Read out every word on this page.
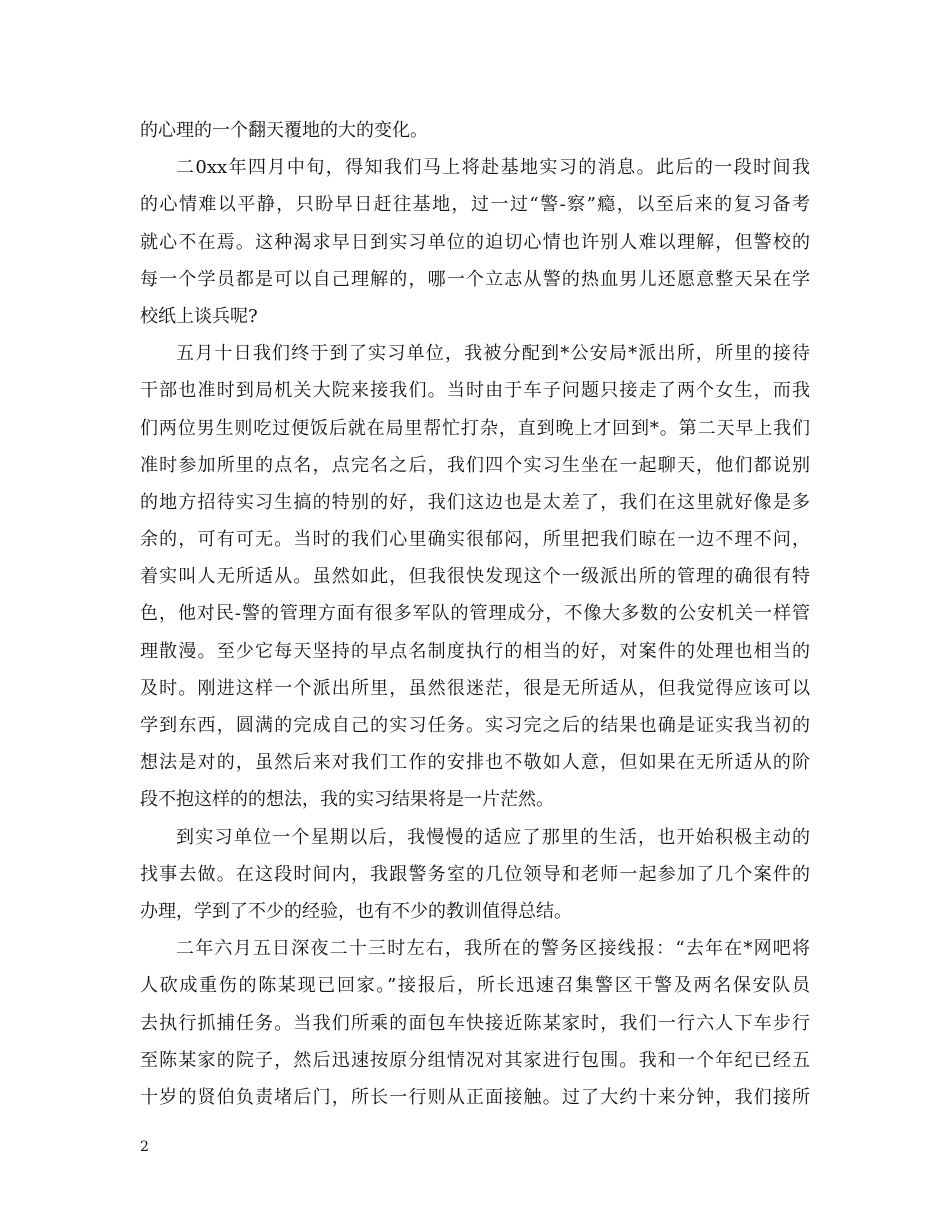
的心理的一个翻天覆地的大的变化。
二0xx年四月中旬，得知我们马上将赴基地实习的消息。此后的一段时间我
的心情难以平静，只盼早日赶往基地，过一过“警-察”瘾，以至后来的复习备考
就心不在焉。这种渴求早日到实习单位的迫切心情也许别人难以理解，但警校的
每一个学员都是可以自己理解的，哪一个立志从警的热血男儿还愿意整天呆在学
校纸上谈兵呢?
五月十日我们终于到了实习单位，我被分配到*公安局*派出所，所里的接待
干部也准时到局机关大院来接我们。当时由于车子问题只接走了两个女生，而我
们两位男生则吃过便饭后就在局里帮忙打杂，直到晚上才回到*。第二天早上我们
准时参加所里的点名，点完名之后，我们四个实习生坐在一起聊天，他们都说别
的地方招待实习生搞的特别的好，我们这边也是太差了，我们在这里就好像是多
余的，可有可无。当时的我们心里确实很郁闷，所里把我们晾在一边不理不问，
着实叫人无所适从。虽然如此，但我很快发现这个一级派出所的管理的确很有特
色，他对民-警的管理方面有很多军队的管理成分，不像大多数的公安机关一样管
理散漫。至少它每天坚持的早点名制度执行的相当的好，对案件的处理也相当的
及时。刚进这样一个派出所里，虽然很迷茫，很是无所适从，但我觉得应该可以
学到东西，圆满的完成自己的实习任务。实习完之后的结果也确是证实我当初的
想法是对的，虽然后来对我们工作的安排也不敬如人意，但如果在无所适从的阶
段不抱这样的的想法，我的实习结果将是一片茫然。
到实习单位一个星期以后，我慢慢的适应了那里的生活，也开始积极主动的
找事去做。在这段时间内，我跟警务室的几位领导和老师一起参加了几个案件的
办理，学到了不少的经验，也有不少的教训值得总结。
二年六月五日深夜二十三时左右，我所在的警务区接线报：“去年在*网吧将
人砍成重伤的陈某现已回家。”接报后，所长迅速召集警区干警及两名保安队员
去执行抓捕任务。当我们所乘的面包车快接近陈某家时，我们一行六人下车步行
至陈某家的院子，然后迅速按原分组情况对其家进行包围。我和一个年纪已经五
十岁的贤伯负责堵后门，所长一行则从正面接触。过了大约十来分钟，我们接所
2
